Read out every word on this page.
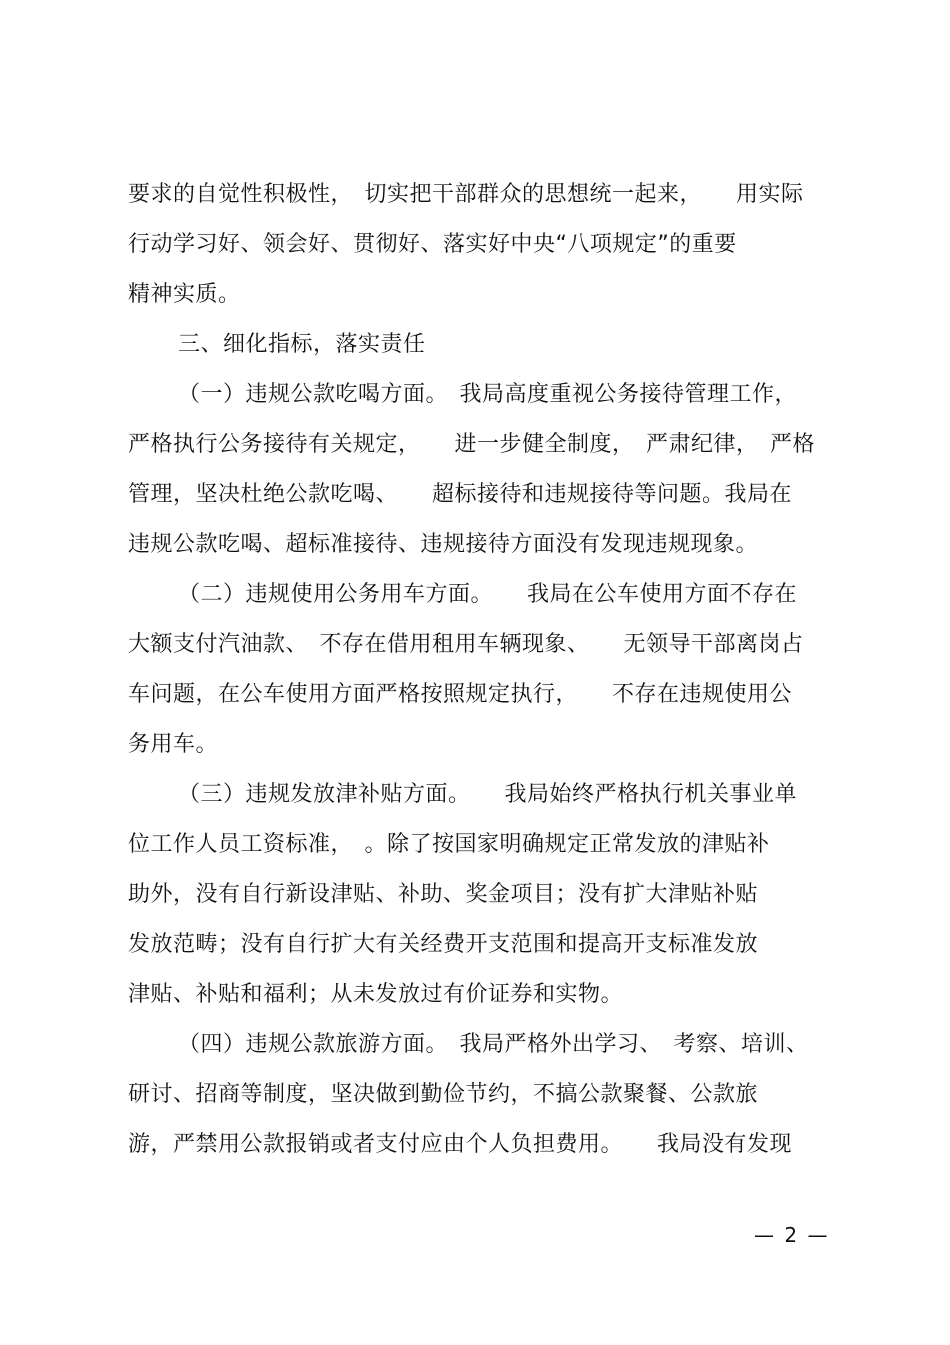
要求的自觉性积极性，　切实把干部群众的思想统一起来，　　用实际
行动学习好、领会好、贯彻好、落实好中央“八项规定”的重要
精神实质。
三、细化指标，落实责任
（一）违规公款吃喝方面。　我局高度重视公务接待管理工作，
严格执行公务接待有关规定，　　进一步健全制度，　严肃纪律，　严格
管理，坚决杜绝公款吃喝、　　超标接待和违规接待等问题。我局在
违规公款吃喝、超标准接待、违规接待方面没有发现违规现象。
（二）违规使用公务用车方面。　　我局在公车使用方面不存在
大额支付汽油款、　不存在借用租用车辆现象、　　无领导干部离岗占
车问题，在公车使用方面严格按照规定执行，　　不存在违规使用公
务用车。
（三）违规发放津补贴方面。　　我局始终严格执行机关事业单
位工作人员工资标准，　。除了按国家明确规定正常发放的津贴补
助外，没有自行新设津贴、补助、奖金项目；没有扩大津贴补贴
发放范畴；没有自行扩大有关经费开支范围和提高开支标准发放
津贴、补贴和福利；从未发放过有价证券和实物。
（四）违规公款旅游方面。　我局严格外出学习、　考察、培训、
研讨、招商等制度，坚决做到勤俭节约，不搞公款聚餐、公款旅
游，严禁用公款报销或者支付应由个人负担费用。　　我局没有发现
— 2 —
